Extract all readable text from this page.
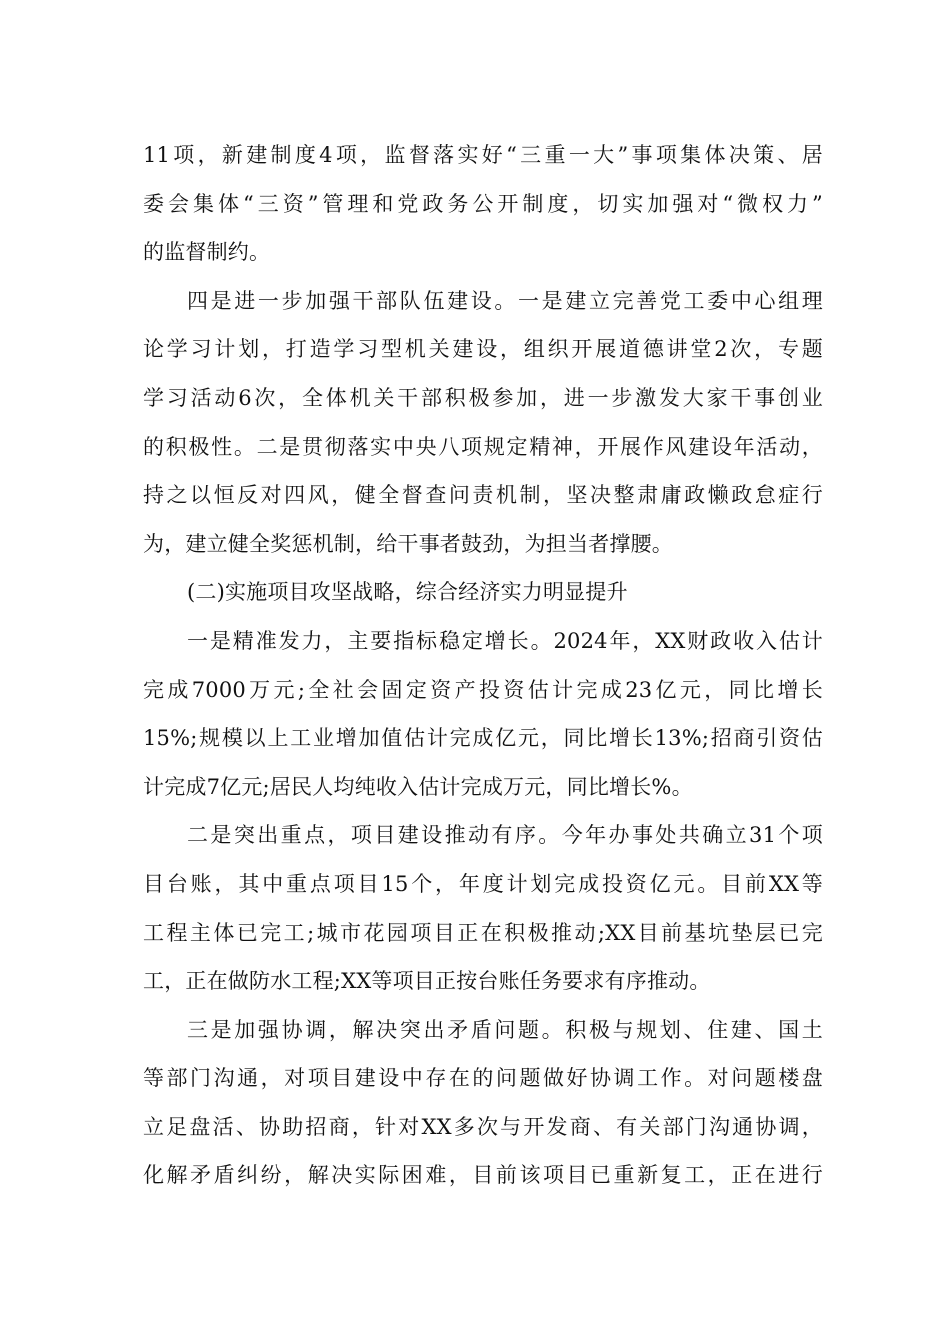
11项，新建制度4项，监督落实好“三重一大”事项集体决策、居
委会集体“三资”管理和党政务公开制度，切实加强对“微权力”
的监督制约。
四是进一步加强干部队伍建设。一是建立完善党工委中心组理
论学习计划，打造学习型机关建设，组织开展道德讲堂2次，专题
学习活动6次，全体机关干部积极参加，进一步激发大家干事创业
的积极性。二是贯彻落实中央八项规定精神，开展作风建设年活动，
持之以恒反对四风，健全督查问责机制，坚决整肃庸政懒政怠症行
为，建立健全奖惩机制，给干事者鼓劲，为担当者撑腰。
(二)实施项目攻坚战略，综合经济实力明显提升
一是精准发力，主要指标稳定增长。2024年，XX财政收入估计
完成7000万元;全社会固定资产投资估计完成23亿元，同比增长
15%;规模以上工业增加值估计完成亿元，同比增长13%;招商引资估
计完成7亿元;居民人均纯收入估计完成万元，同比增长%。
二是突出重点，项目建设推动有序。今年办事处共确立31个项
目台账，其中重点项目15个，年度计划完成投资亿元。目前XX等
工程主体已完工;城市花园项目正在积极推动;XX目前基坑垫层已完
工，正在做防水工程;XX等项目正按台账任务要求有序推动。
三是加强协调，解决突出矛盾问题。积极与规划、住建、国土
等部门沟通，对项目建设中存在的问题做好协调工作。对问题楼盘
立足盘活、协助招商，针对XX多次与开发商、有关部门沟通协调，
化解矛盾纠纷，解决实际困难，目前该项目已重新复工，正在进行
